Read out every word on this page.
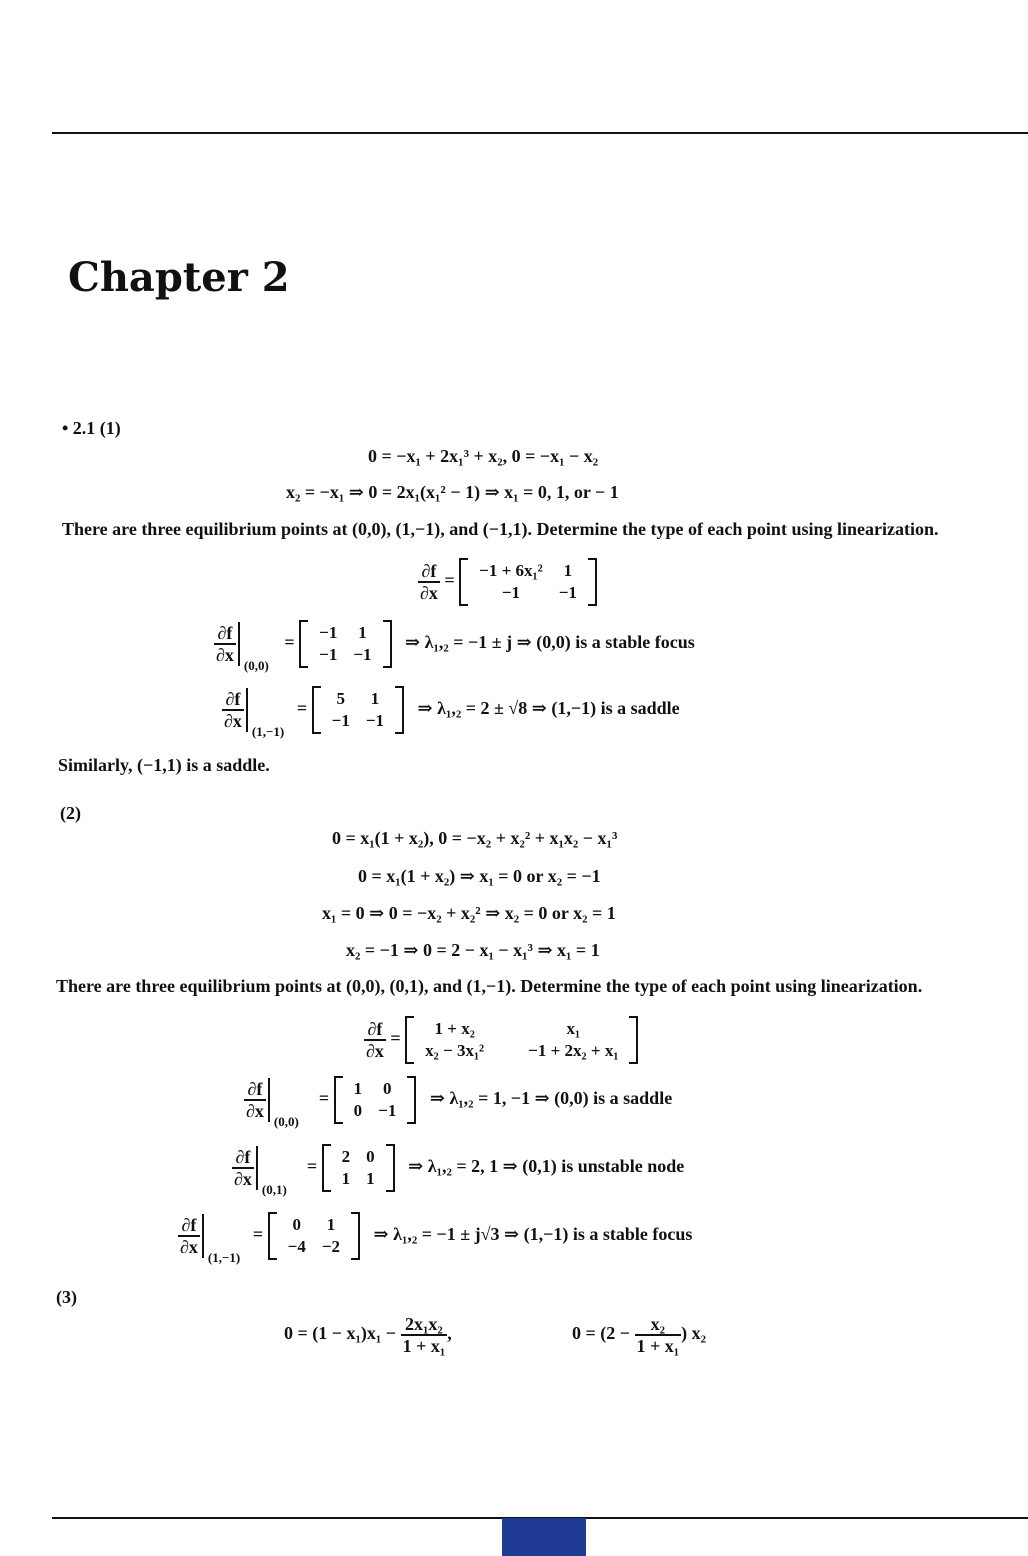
Chapter 2
• 2.1 (1)
0 = −x₁ + 2x₁³ + x₂, 0 = −x₁ − x₂
x₂ = −x₁ ⇒ 0 = 2x₁(x₁² − 1) ⇒ x₁ = 0, 1, or − 1
There are three equilibrium points at (0,0), (1,−1), and (−1,1). Determine the type of each point using linearization.
$\frac{\partial f}{\partial x} = -1 + 6x_1^2$	1
−1	−1
$\frac{\partial f}{\partial x}$
(0,0)
= −1	1
−1	−1
⇒ λ₁,₂ = −1 ± j ⇒ (0,0) is a stable focus
$\frac{\partial f}{\partial x}$
(1,−1)
= 5	1
−1	−1
⇒ λ₁,₂ = 2 ± √8 ⇒ (1,−1) is a saddle
Similarly, (−1,1) is a saddle.
(2)
0 = x₁(1 + x₂), 0 = −x₂ + x₂² + x₁x₂ − x₁³
0 = x₁(1 + x₂) ⇒ x₁ = 0 or x₂ = −1
x₁ = 0 ⇒ 0 = −x₂ + x₂² ⇒ x₂ = 0 or x₂ = 1
x₂ = −1 ⇒ 0 = 2 − x₁ − x₁³ ⇒ x₁ = 1
There are three equilibrium points at (0,0), (0,1), and (1,−1). Determine the type of each point using linearization.
$\frac{\partial f}{\partial x} = 1 + x_2$	x₁
x₂ − 3x₁²	−1 + 2x₂ + x₁
$\frac{\partial f}{\partial x}$
(0,0)
= 1	0
0	−1
⇒ λ₁,₂ = 1, −1 ⇒ (0,0) is a saddle
$\frac{\partial f}{\partial x}$
(0,1)
= 2	0
1	1
⇒ λ₁,₂ = 2, 1 ⇒ (0,1) is unstable node
$\frac{\partial f}{\partial x}$
(1,−1)
= 0	1
−4	−2
⇒ λ₁,₂ = −1 ± j√3 ⇒ (1,−1) is a stable focus
(3)
$0 = (1 - x_1)x_1 - \frac{\text{2x₁x₂}}{\text{1 + x₁}}$ ,	$0 = (2 - \frac{\text{x₂}}{\text{1 + x₁}}$ ) x₂
